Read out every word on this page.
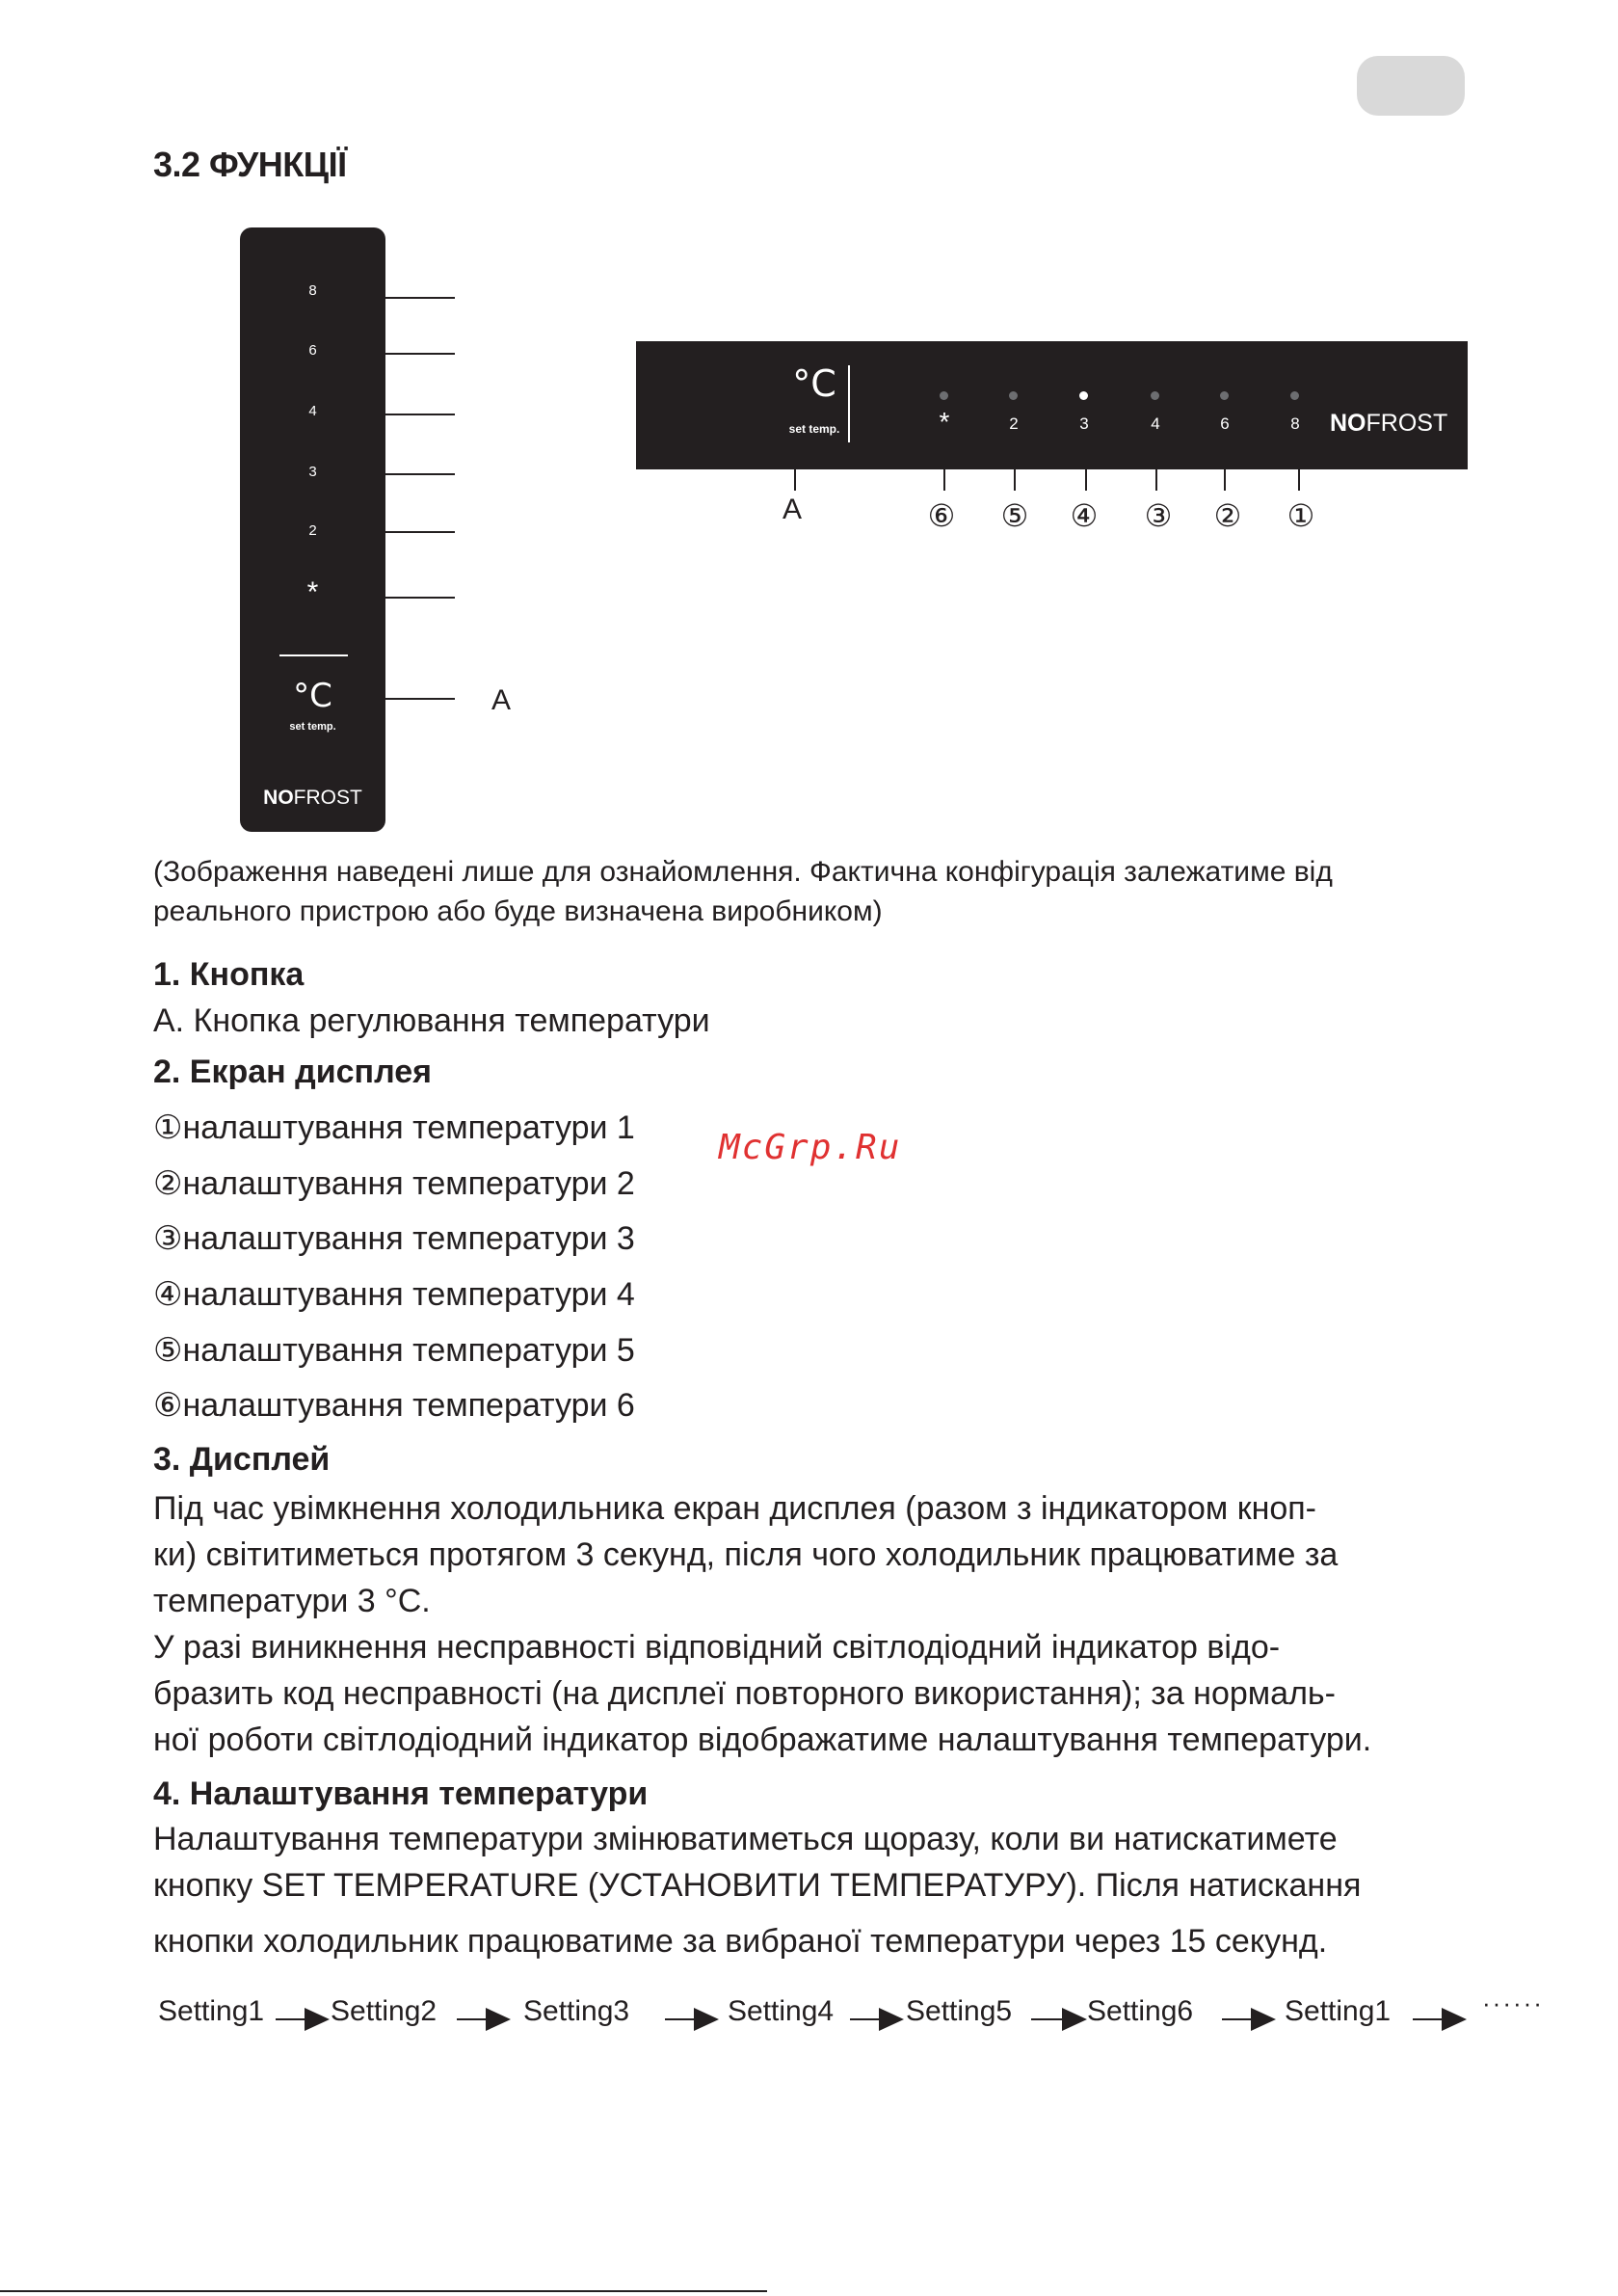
3.2 ФУНКЦІЇ
8
6
4
3
2
*
°C
set temp.
NOFROST
A
°C
set temp.	*	2	3	4	6	8	NOFROST
A	⑥	⑤	④	③	②	①
(Зображення наведені лише для ознайомлення. Фактична конфігурація залежатиме від реального пристрою або буде визначена виробником)
1. Кнопка
A. Кнопка регулювання температури
2. Екран дисплея
①налаштування температури 1
②налаштування температури 2
③налаштування температури 3
④налаштування температури 4
⑤налаштування температури 5
⑥налаштування температури 6
McGrp.Ru
3. Дисплей
Під час увімкнення холодильника екран дисплея (разом з індикатором кноп-
ки) світитиметься протягом 3 секунд, після чого холодильник працюватиме за
температури 3 °C.
У разі виникнення несправності відповідний світлодіодний індикатор відо-
бразить код несправності (на дисплеї повторного використання); за нормаль-
ної роботи світлодіодний індикатор відображатиме налаштування температури.
4. Налаштування температури
Налаштування температури змінюватиметься щоразу, коли ви натискатимете
кнопку SET TEMPERATURE (УСТАНОВИТИ ТЕМПЕРАТУРУ). Після натискання
кнопки холодильник працюватиме за вибраної температури через 15 секунд.
Setting1 Setting2	Setting3	Setting4 Setting5	Setting6	Setting1	······
